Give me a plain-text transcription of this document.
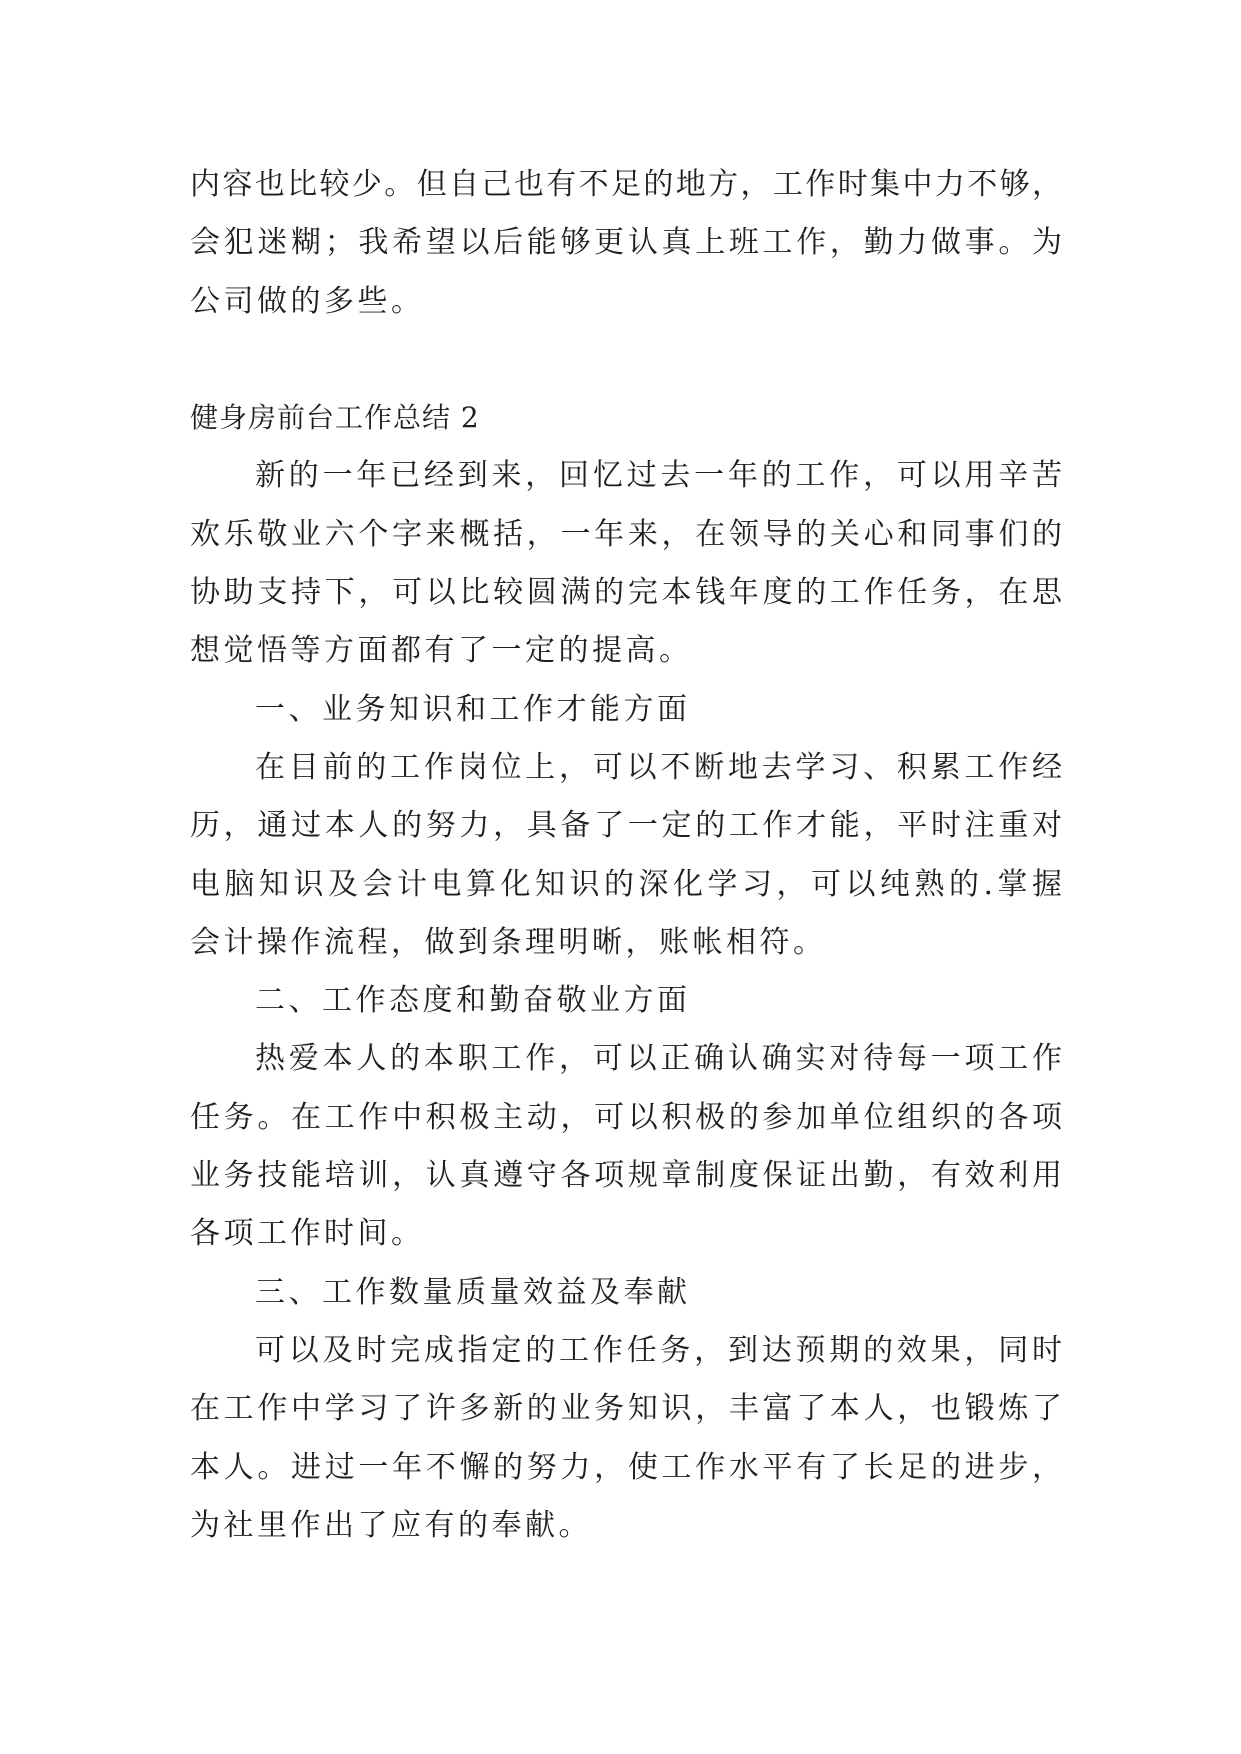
内容也比较少。但自己也有不足的地方，工作时集中力不够，
会犯迷糊；我希望以后能够更认真上班工作，勤力做事。为
公司做的多些。
健身房前台工作总结 2
新的一年已经到来，回忆过去一年的工作，可以用辛苦
欢乐敬业六个字来概括，一年来，在领导的关心和同事们的
协助支持下，可以比较圆满的完本钱年度的工作任务，在思
想觉悟等方面都有了一定的提高。
一、业务知识和工作才能方面
在目前的工作岗位上，可以不断地去学习、积累工作经
历，通过本人的努力，具备了一定的工作才能，平时注重对
电脑知识及会计电算化知识的深化学习，可以纯熟的.掌握
会计操作流程，做到条理明晰，账帐相符。
二、工作态度和勤奋敬业方面
热爱本人的本职工作，可以正确认确实对待每一项工作
任务。在工作中积极主动，可以积极的参加单位组织的各项
业务技能培训，认真遵守各项规章制度保证出勤，有效利用
各项工作时间。
三、工作数量质量效益及奉献
可以及时完成指定的工作任务，到达预期的效果，同时
在工作中学习了许多新的业务知识，丰富了本人，也锻炼了
本人。进过一年不懈的努力，使工作水平有了长足的进步，
为社里作出了应有的奉献。
